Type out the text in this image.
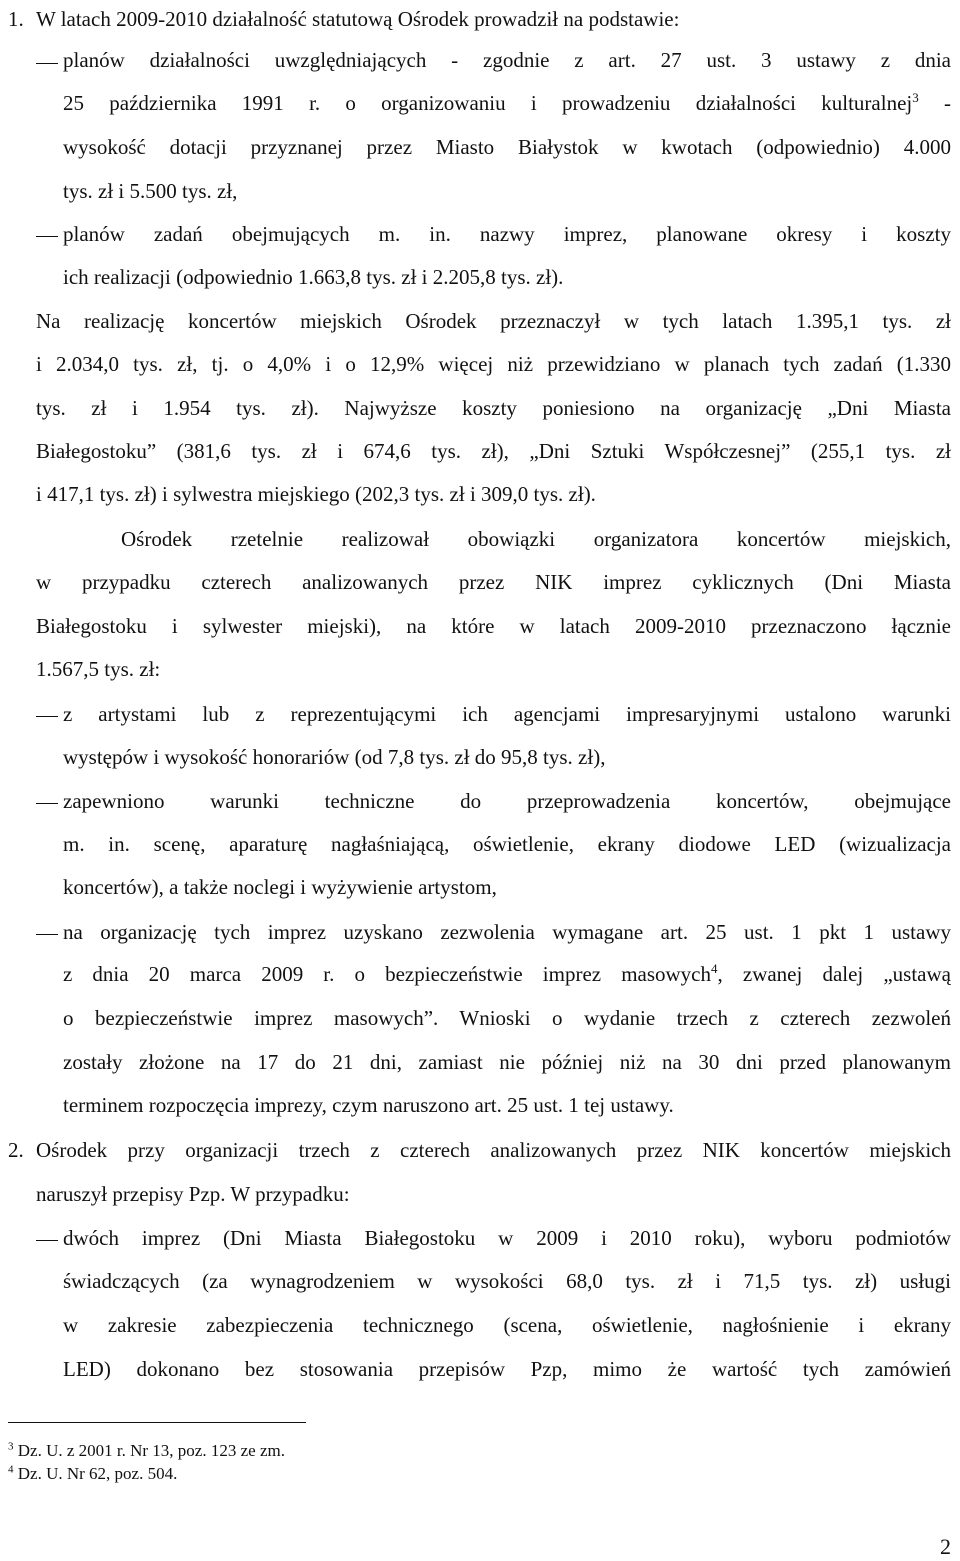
1. W latach 2009-2010 działalność statutową Ośrodek prowadził na podstawie:
planów działalności uwzględniających - zgodnie z art. 27 ust. 3 ustawy z dnia
25 października 1991 r. o organizowaniu i prowadzeniu działalności kulturalnej$^3$ -
wysokość dotacji przyznanej przez Miasto Białystok w kwotach (odpowiednio) 4.000
tys. zł i 5.500 tys. zł,
planów zadań obejmujących m. in. nazwy imprez, planowane okresy i koszty
ich realizacji (odpowiednio 1.663,8 tys. zł i 2.205,8 tys. zł).
Na realizację koncertów miejskich Ośrodek przeznaczył w tych latach 1.395,1 tys. zł
i 2.034,0 tys. zł, tj. o 4,0% i o 12,9% więcej niż przewidziano w planach tych zadań (1.330
tys. zł i 1.954 tys. zł). Najwyższe koszty poniesiono na organizację „Dni Miasta
Białegostoku” (381,6 tys. zł i 674,6 tys. zł), „Dni Sztuki Współczesnej” (255,1 tys. zł
i 417,1 tys. zł) i sylwestra miejskiego (202,3 tys. zł i 309,0 tys. zł).
Ośrodek rzetelnie realizował obowiązki organizatora koncertów miejskich,
w przypadku czterech analizowanych przez NIK imprez cyklicznych (Dni Miasta
Białegostoku i sylwester miejski), na które w latach 2009-2010 przeznaczono łącznie
1.567,5 tys. zł:
z artystami lub z reprezentującymi ich agencjami impresaryjnymi ustalono warunki
występów i wysokość honorariów (od 7,8 tys. zł do 95,8 tys. zł),
zapewniono warunki techniczne do przeprowadzenia koncertów, obejmujące
m. in. scenę, aparaturę nagłaśniającą, oświetlenie, ekrany diodowe LED (wizualizacja
koncertów), a także noclegi i wyżywienie artystom,
na organizację tych imprez uzyskano zezwolenia wymagane art. 25 ust. 1 pkt 1 ustawy
z dnia 20 marca 2009 r. o bezpieczeństwie imprez masowych$^4$, zwanej dalej „ustawą
o bezpieczeństwie imprez masowych”. Wnioski o wydanie trzech z czterech zezwoleń
zostały złożone na 17 do 21 dni, zamiast nie później niż na 30 dni przed planowanym
terminem rozpoczęcia imprezy, czym naruszono art. 25 ust. 1 tej ustawy.
2. Ośrodek przy organizacji trzech z czterech analizowanych przez NIK koncertów miejskich
naruszył przepisy Pzp. W przypadku:
dwóch imprez (Dni Miasta Białegostoku w 2009 i 2010 roku), wyboru podmiotów
świadczących (za wynagrodzeniem w wysokości 68,0 tys. zł i 71,5 tys. zł) usługi
w zakresie zabezpieczenia technicznego (scena, oświetlenie, nagłośnienie i ekrany
LED) dokonano bez stosowania przepisów Pzp, mimo że wartość tych zamówień
$^3$ Dz. U. z 2001 r. Nr 13, poz. 123 ze zm.
$^4$ Dz. U. Nr 62, poz. 504.
2
